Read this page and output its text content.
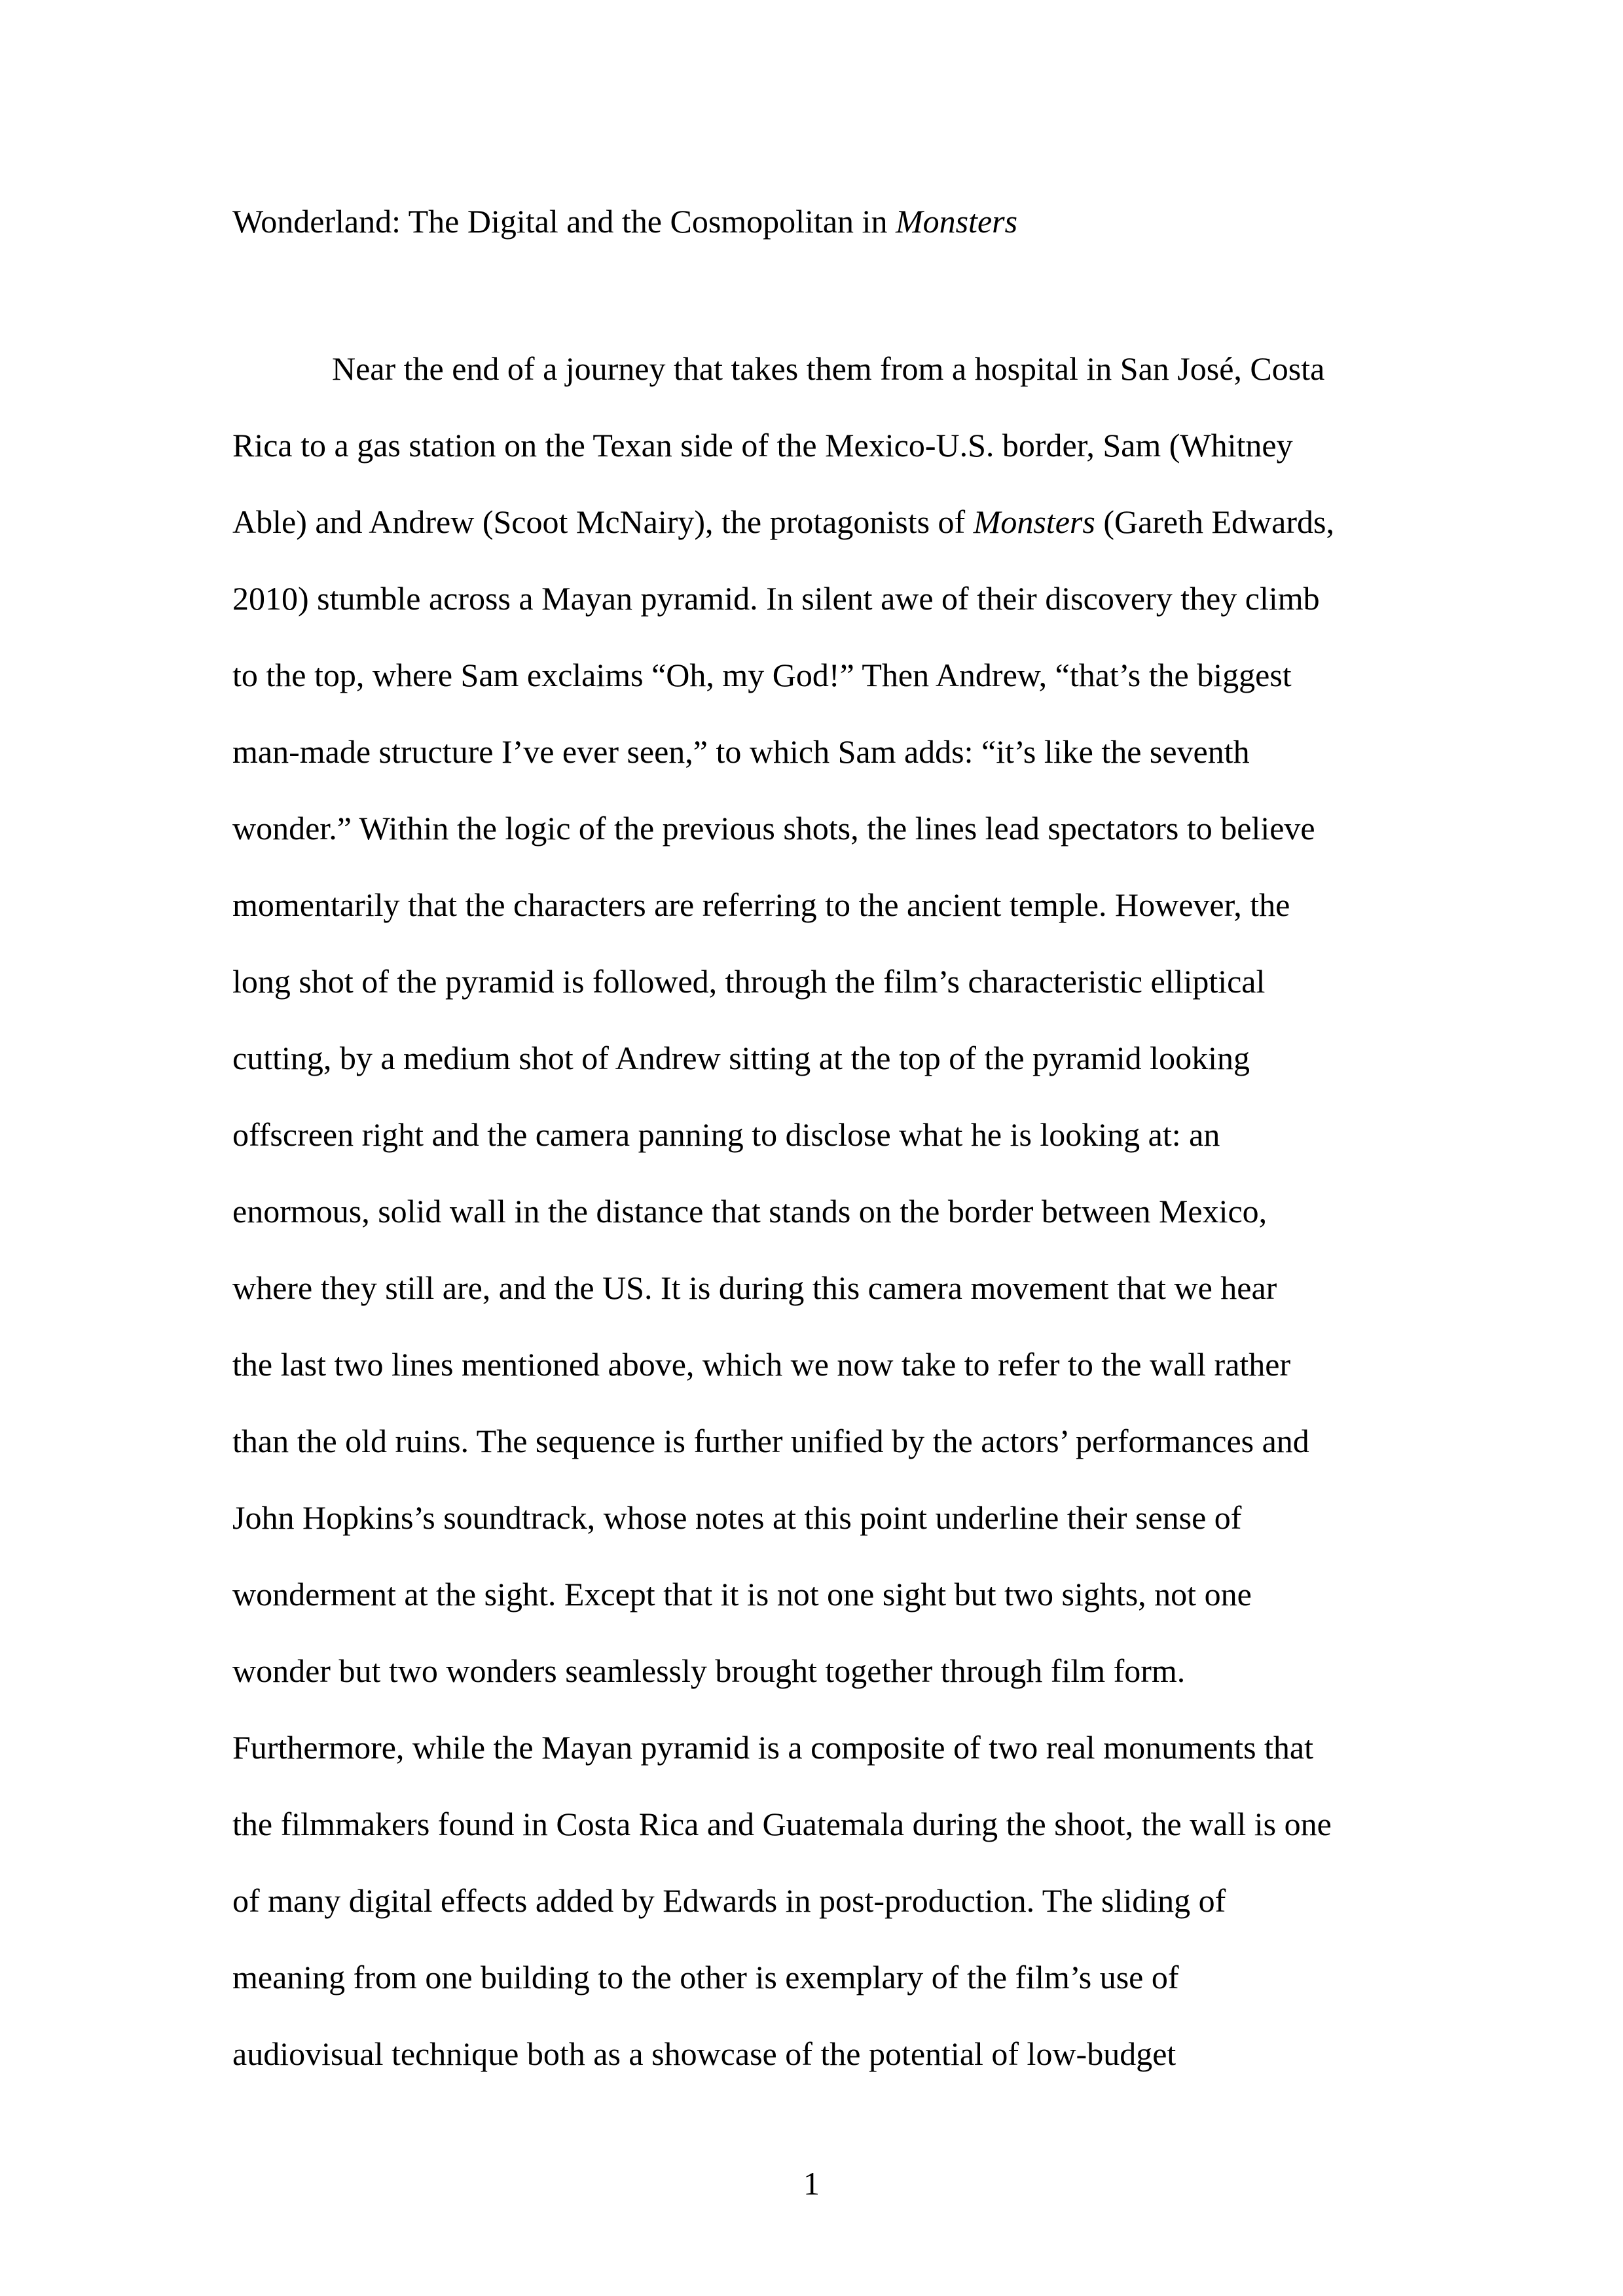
Wonderland: The Digital and the Cosmopolitan in Monsters
Near the end of a journey that takes them from a hospital in San José, Costa
Rica to a gas station on the Texan side of the Mexico-U.S. border, Sam (Whitney
Able) and Andrew (Scoot McNairy), the protagonists of Monsters (Gareth Edwards,
2010) stumble across a Mayan pyramid. In silent awe of their discovery they climb
to the top, where Sam exclaims “Oh, my God!” Then Andrew, “that’s the biggest
man-made structure I’ve ever seen,” to which Sam adds: “it’s like the seventh
wonder.” Within the logic of the previous shots, the lines lead spectators to believe
momentarily that the characters are referring to the ancient temple. However, the
long shot of the pyramid is followed, through the film’s characteristic elliptical
cutting, by a medium shot of Andrew sitting at the top of the pyramid looking
offscreen right and the camera panning to disclose what he is looking at: an
enormous, solid wall in the distance that stands on the border between Mexico,
where they still are, and the US. It is during this camera movement that we hear
the last two lines mentioned above, which we now take to refer to the wall rather
than the old ruins. The sequence is further unified by the actors’ performances and
John Hopkins’s soundtrack, whose notes at this point underline their sense of
wonderment at the sight. Except that it is not one sight but two sights, not one
wonder but two wonders seamlessly brought together through film form.
Furthermore, while the Mayan pyramid is a composite of two real monuments that
the filmmakers found in Costa Rica and Guatemala during the shoot, the wall is one
of many digital effects added by Edwards in post-production. The sliding of
meaning from one building to the other is exemplary of the film’s use of
audiovisual technique both as a showcase of the potential of low-budget
1
